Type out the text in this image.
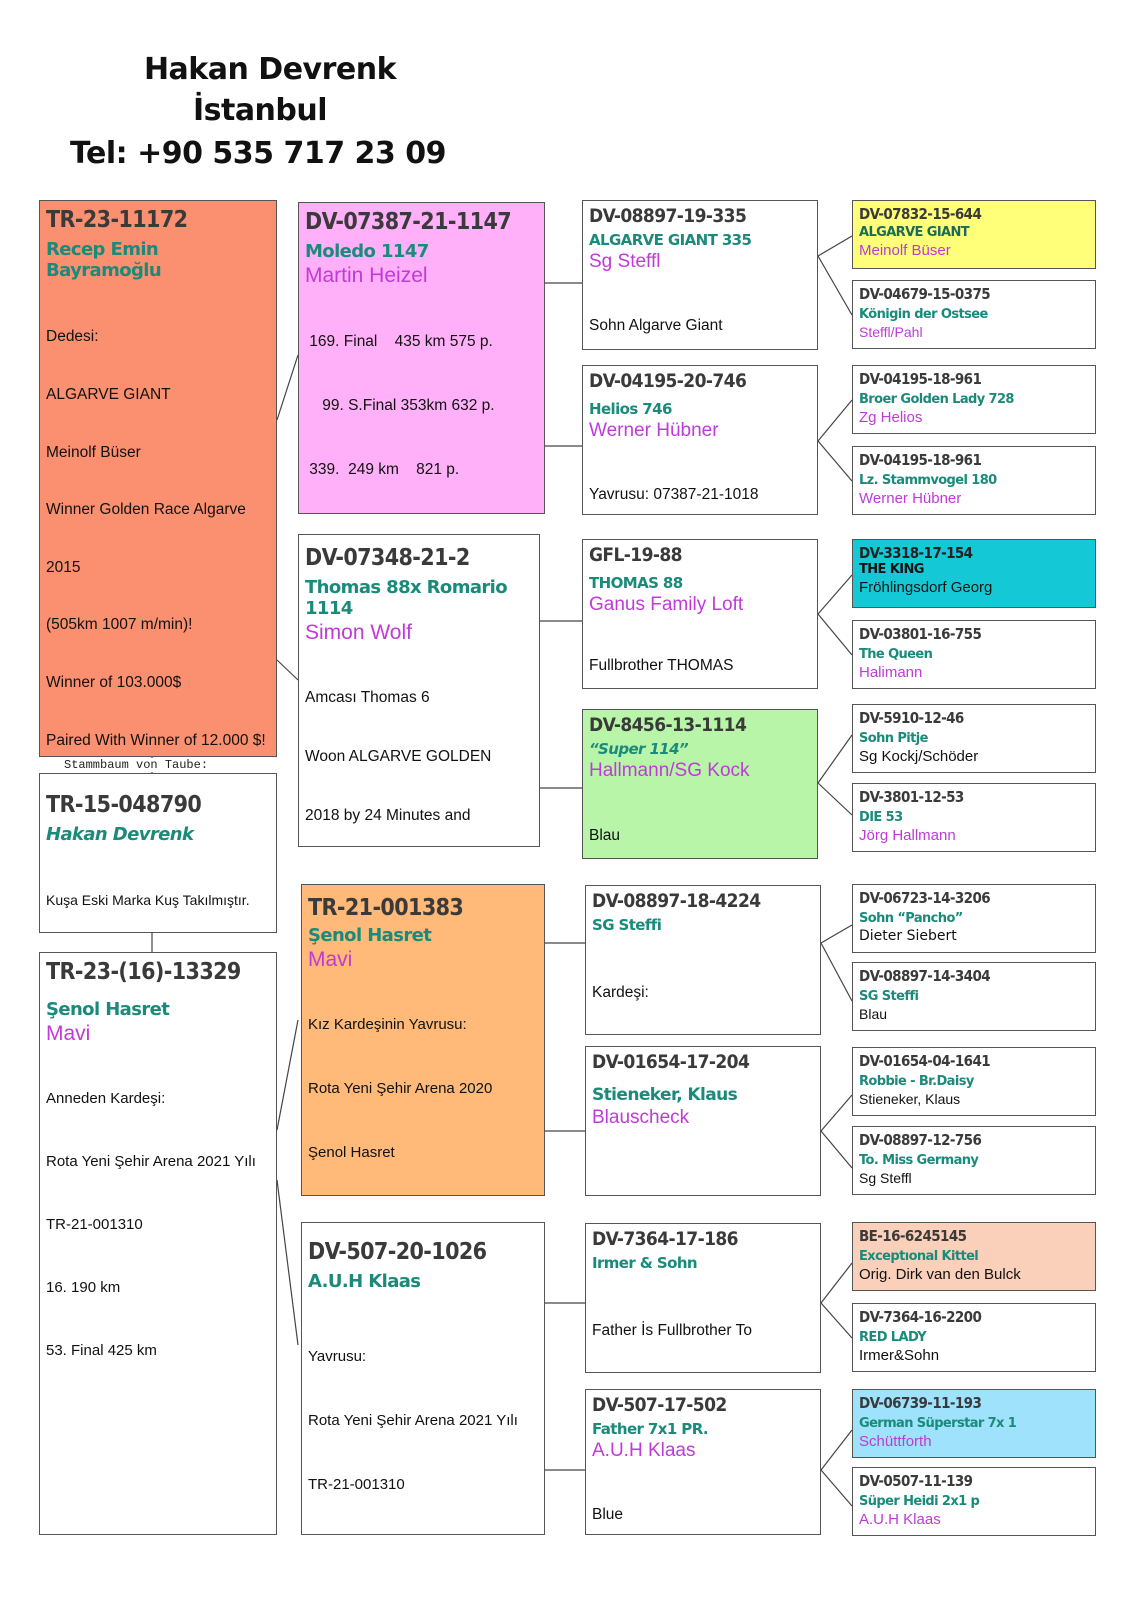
Hakan Devrenk
İstanbul
Tel: +90 535 717 23 09
TR-23-11172
Recep Emin Bayramoğlu

Dedesi:

ALGARVE GIANT

Meinolf Büser

Winner Golden Race Algarve

2015

(505km 1007 m/min)!

Winner of 103.000$

Paired With Winner of 12.000 $!

TR-15-048790
Hakan Devrenk

Kuşa Eski Marka Kuş Takılmıştır.

Stammbaum von Taube:
TR-23-(16)-13329
Şenol Hasret
Mavi

Anneden Kardeşi:

Rota Yeni Şehir Arena 2021 Yılı

TR-21-001310

16. 190 km

53. Final 425 km

DV-07387-21-1147
Moledo 1147
Martin Heizel

169. Final    435 km 575 p.

99. S.Final 353km 632 p.

339.  249 km    821 p.

DV-07348-21-2
Thomas 88x Romario 1114
Simon Wolf

Amcası Thomas 6

Woon ALGARVE GOLDEN

2018 by 24 Minutes and

TR-21-001383
Şenol Hasret
Mavi

Kız Kardeşinin Yavrusu:

Rota Yeni Şehir Arena 2020

Şenol Hasret

DV-507-20-1026
A.U.H Klaas

Yavrusu:

Rota Yeni Şehir Arena 2021 Yılı

TR-21-001310

DV-08897-19-335
ALGARVE GIANT 335
Sg Steffl

Sohn Algarve Giant

DV-04195-20-746
Helios 746
Werner Hübner

Yavrusu: 07387-21-1018

GFL-19-88
THOMAS 88
Ganus Family Loft

Fullbrother THOMAS

DV-8456-13-1114
“Super 114”
Hallmann/SG Kock

Blau

DV-08897-18-4224
SG Steffi

Kardeşi:

DV-01654-17-204
Stieneker, Klaus
Blauscheck
DV-7364-17-186
Irmer & Sohn

Father İs Fullbrother To

DV-507-17-502
Father 7x1 PR.
A.U.H Klaas

Blue

DV-07832-15-644
ALGARVE GIANT
Meinolf Büser
DV-04679-15-0375
Königin der Ostsee
Steffl/Pahl
DV-04195-18-961
Broer Golden Lady 728
Zg Helios
DV-04195-18-961
Lz. Stammvogel 180
Werner Hübner
DV-3318-17-154
THE KING
Fröhlingsdorf Georg
DV-03801-16-755
The Queen
Halimann
DV-5910-12-46
Sohn Pitje
Sg Kockj/Schöder
DV-3801-12-53
DIE 53
Jörg Hallmann
DV-06723-14-3206
Sohn “Pancho”
Dieter Siebert
DV-08897-14-3404
SG Steffi
Blau
DV-01654-04-1641
Robbie - Br.Daisy
Stieneker, Klaus
DV-08897-12-756
To. Miss Germany
Sg Steffl
BE-16-6245145
Exceptıonal Kittel
Orig. Dirk van den Bulck
DV-7364-16-2200
RED LADY
Irmer&Sohn
DV-06739-11-193
German Süperstar 7x 1
Schüttforth
DV-0507-11-139
Süper Heidi 2x1 p
A.U.H Klaas
